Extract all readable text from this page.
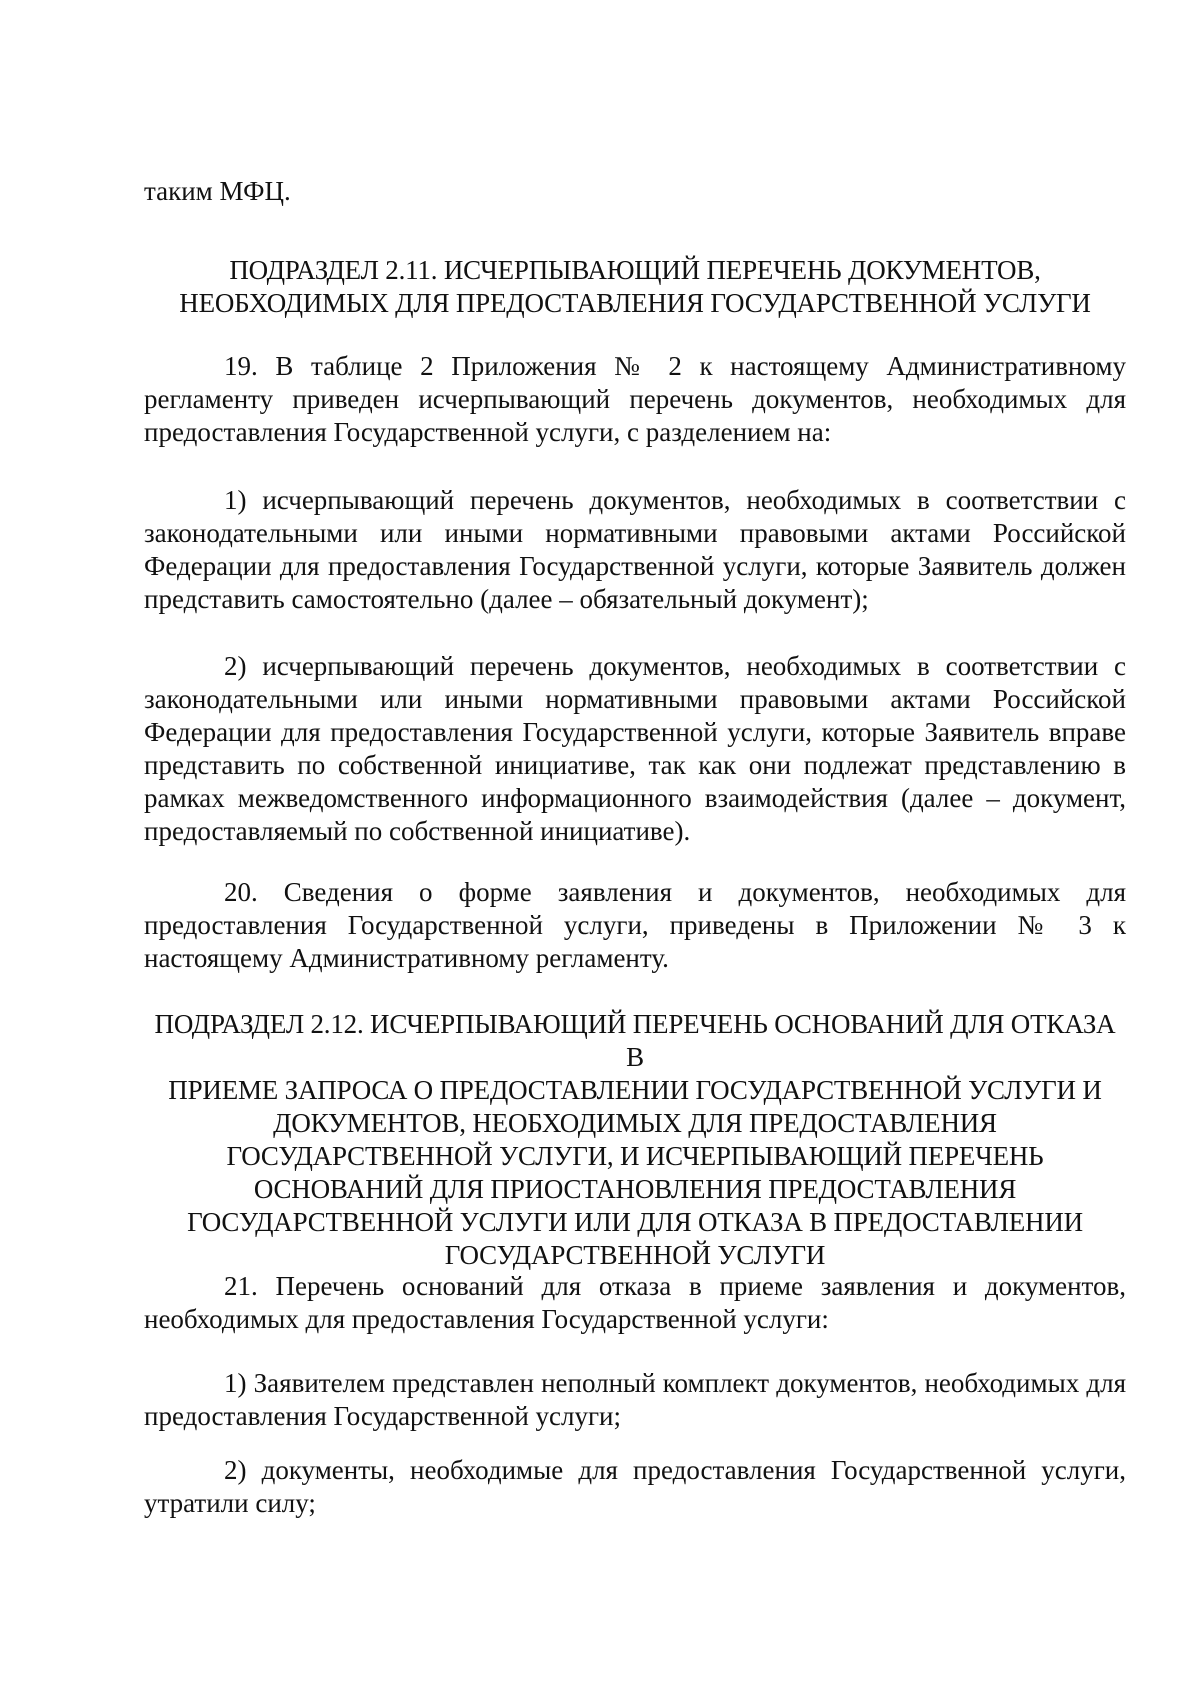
таким МФЦ.

ПОДРАЗДЕЛ 2.11. ИСЧЕРПЫВАЮЩИЙ ПЕРЕЧЕНЬ ДОКУМЕНТОВ,
НЕОБХОДИМЫХ ДЛЯ ПРЕДОСТАВЛЕНИЯ ГОСУДАРСТВЕННОЙ УСЛУГИ

19. В таблице 2 Приложения № 2 к настоящему Административному регламенту приведен исчерпывающий перечень документов, необходимых для предоставления Государственной услуги, с разделением на:

1) исчерпывающий перечень документов, необходимых в соответствии с законодательными или иными нормативными правовыми актами Российской Федерации для предоставления Государственной услуги, которые Заявитель должен представить самостоятельно (далее – обязательный документ);

2) исчерпывающий перечень документов, необходимых в соответствии с законодательными или иными нормативными правовыми актами Российской Федерации для предоставления Государственной услуги, которые Заявитель вправе представить по собственной инициативе, так как они подлежат представлению в рамках межведомственного информационного взаимодействия (далее – документ, предоставляемый по собственной инициативе).

20. Сведения о форме заявления и документов, необходимых для предоставления Государственной услуги, приведены в Приложении № 3 к настоящему Административному регламенту.

ПОДРАЗДЕЛ 2.12. ИСЧЕРПЫВАЮЩИЙ ПЕРЕЧЕНЬ ОСНОВАНИЙ ДЛЯ ОТКАЗА В
ПРИЕМЕ ЗАПРОСА О ПРЕДОСТАВЛЕНИИ ГОСУДАРСТВЕННОЙ УСЛУГИ И
ДОКУМЕНТОВ, НЕОБХОДИМЫХ ДЛЯ ПРЕДОСТАВЛЕНИЯ
ГОСУДАРСТВЕННОЙ УСЛУГИ, И ИСЧЕРПЫВАЮЩИЙ ПЕРЕЧЕНЬ
ОСНОВАНИЙ ДЛЯ ПРИОСТАНОВЛЕНИЯ ПРЕДОСТАВЛЕНИЯ
ГОСУДАРСТВЕННОЙ УСЛУГИ ИЛИ ДЛЯ ОТКАЗА В ПРЕДОСТАВЛЕНИИ
ГОСУДАРСТВЕННОЙ УСЛУГИ

21. Перечень оснований для отказа в приеме заявления и документов, необходимых для предоставления Государственной услуги:

1) Заявителем представлен неполный комплект документов, необходимых для предоставления Государственной услуги;

2) документы, необходимые для предоставления Государственной услуги, утратили силу;
